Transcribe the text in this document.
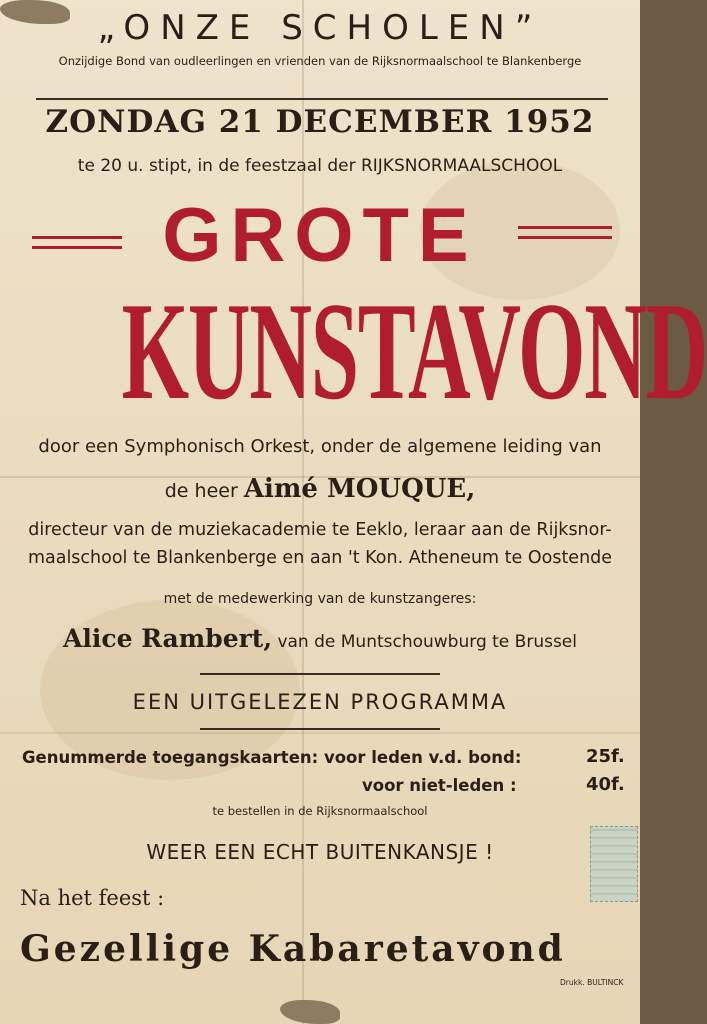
„ONZE SCHOLEN”
Onzijdige Bond van oudleerlingen en vrienden van de Rijksnormaalschool te Blankenberge
ZONDAG 21 DECEMBER 1952
te 20 u. stipt, in de feestzaal der RIJKSNORMAALSCHOOL
GROTE
KUNSTAVOND
door een Symphonisch Orkest, onder de algemene leiding van
de heer Aimé MOUQUE,
directeur van de muziekacademie te Eeklo, leraar aan de Rijksnor-
maalschool te Blankenberge en aan 't Kon. Atheneum te Oostende
met de medewerking van de kunstzangeres:
Alice Rambert, van de Muntschouwburg te Brussel
EEN UITGELEZEN PROGRAMMA
Genummerde toegangskaarten: voor leden v.d. bond:	25f.
voor niet-leden :	40f.
te bestellen in de Rijksnormaalschool
WEER EEN ECHT BUITENKANSJE !
Na het feest :
Gezellige Kabaretavond
Drukk. BULTINCK
